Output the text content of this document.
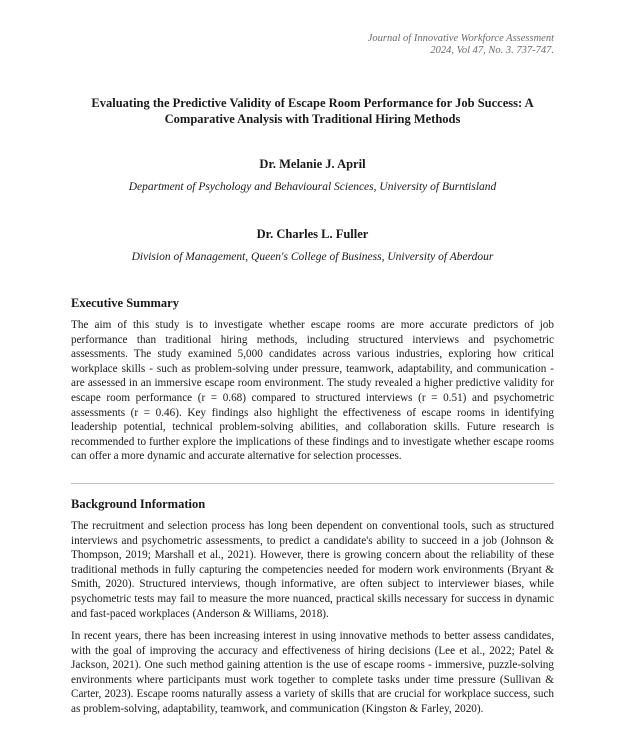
Journal of Innovative Workforce Assessment
2024, Vol 47, No. 3. 737-747.
Evaluating the Predictive Validity of Escape Room Performance for Job Success: A
Comparative Analysis with Traditional Hiring Methods
Dr. Melanie J. April
Department of Psychology and Behavioural Sciences, University of Burntisland
Dr. Charles L. Fuller
Division of Management, Queen's College of Business, University of Aberdour
Executive Summary

The aim of this study is to investigate whether escape rooms are more accurate predictors of job performance than traditional hiring methods, including structured interviews and psychometric assessments. The study examined 5,000 candidates across various industries, exploring how critical workplace skills - such as problem-solving under pressure, teamwork, adaptability, and communication - are assessed in an immersive escape room environment. The study revealed a higher predictive validity for escape room performance (r = 0.68) compared to structured interviews (r = 0.51) and psychometric assessments (r = 0.46). Key findings also highlight the effectiveness of escape rooms in identifying leadership potential, technical problem-solving abilities, and collaboration skills. Future research is recommended to further explore the implications of these findings and to investigate whether escape rooms can offer a more dynamic and accurate alternative for selection processes.

Background Information

The recruitment and selection process has long been dependent on conventional tools, such as structured interviews and psychometric assessments, to predict a candidate's ability to succeed in a job (Johnson & Thompson, 2019; Marshall et al., 2021). However, there is growing concern about the reliability of these traditional methods in fully capturing the competencies needed for modern work environments (Bryant & Smith, 2020). Structured interviews, though informative, are often subject to interviewer biases, while psychometric tests may fail to measure the more nuanced, practical skills necessary for success in dynamic and fast-paced workplaces (Anderson & Williams, 2018).

In recent years, there has been increasing interest in using innovative methods to better assess candidates, with the goal of improving the accuracy and effectiveness of hiring decisions (Lee et al., 2022; Patel & Jackson, 2021). One such method gaining attention is the use of escape rooms - immersive, puzzle-solving environments where participants must work together to complete tasks under time pressure (Sullivan & Carter, 2023). Escape rooms naturally assess a variety of skills that are crucial for workplace success, such as problem-solving, adaptability, teamwork, and communication (Kingston & Farley, 2020).
